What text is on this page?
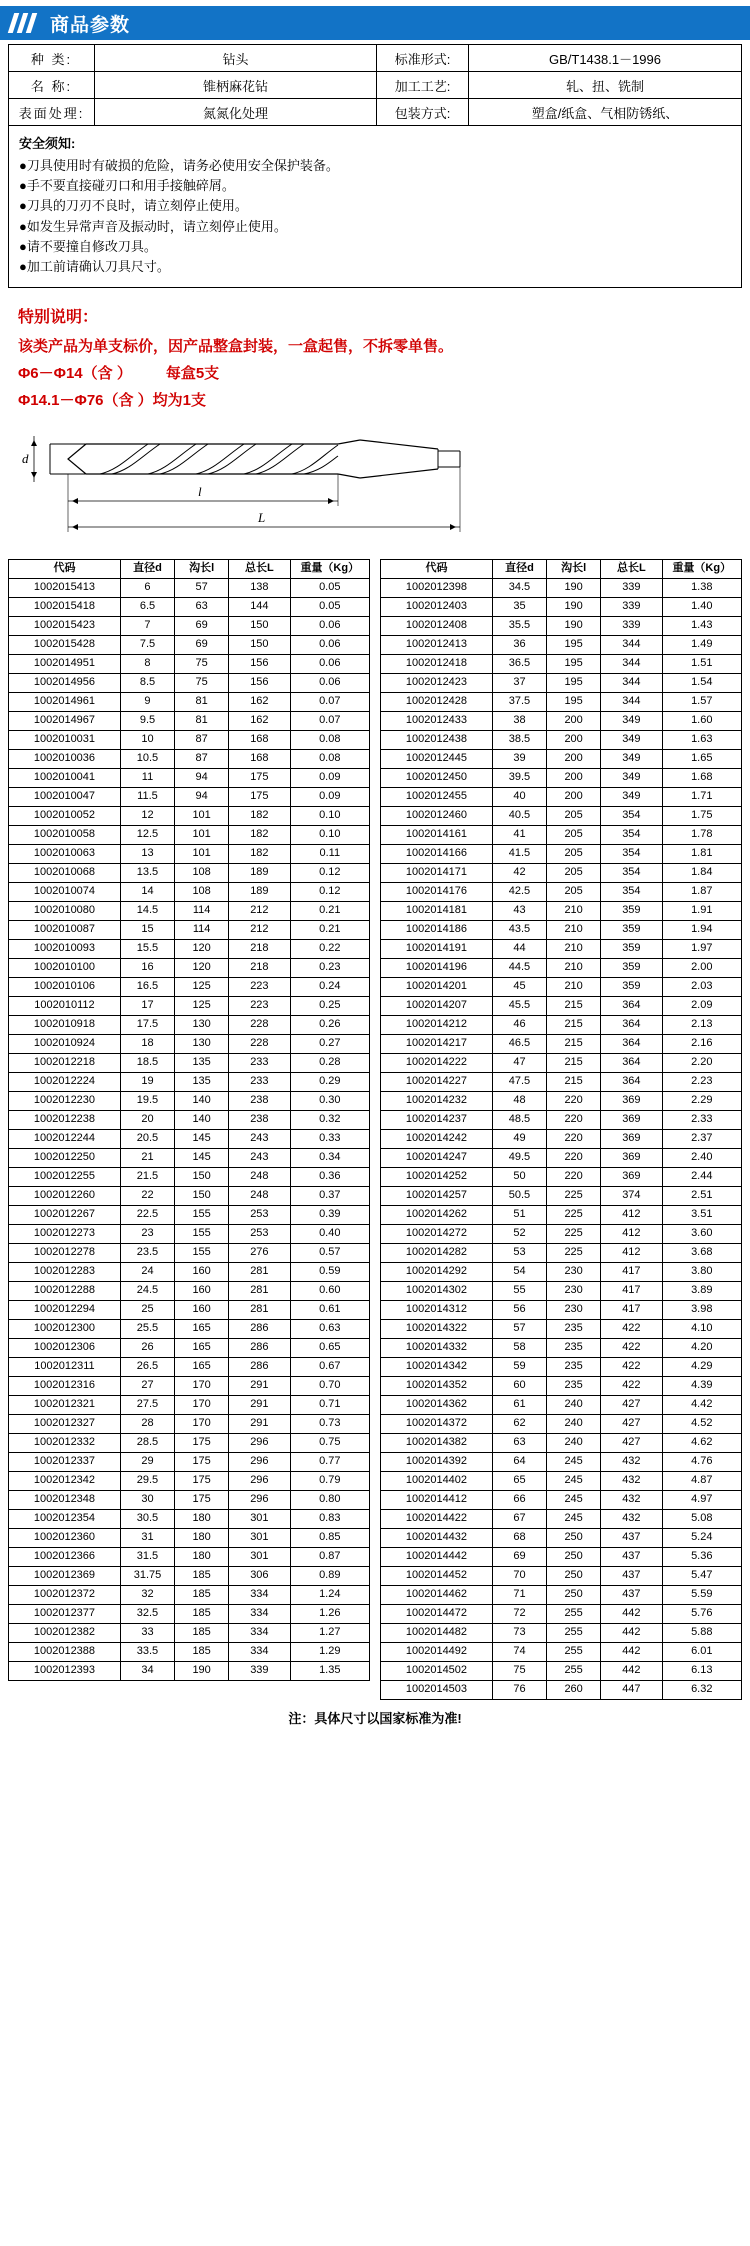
商品参数
种 类:	钻头	标准形式:	GB/T1438.1－1996
名 称:	锥柄麻花钻	加工工艺:	轧、扭、铣制
表面处理:	氮氮化处理	包装方式:	塑盒/纸盒、气相防锈纸、
安全须知:
●刀具使用时有破损的危险，请务必使用安全保护装备。
●手不要直接碰刃口和用手接触碎屑。
●刀具的刀刃不良时，请立刻停止使用。
●如发生异常声音及振动时，请立刻停止使用。
●请不要撞自修改刀具。
●加工前请确认刀具尺寸。
特别说明：
该类产品为单支标价，因产品整盒封装，一盒起售，不拆零单售。
Φ6－Φ14（含 ） 每盒5支
Φ14.1－Φ76（含 ）均为1支
d
l
L
代码	直径d	沟长l	总长L	重量（Kg）
1002015413	6	57	138	0.05
1002015418	6.5	63	144	0.05
1002015423	7	69	150	0.06
1002015428	7.5	69	150	0.06
1002014951	8	75	156	0.06
1002014956	8.5	75	156	0.06
1002014961	9	81	162	0.07
1002014967	9.5	81	162	0.07
1002010031	10	87	168	0.08
1002010036	10.5	87	168	0.08
1002010041	11	94	175	0.09
1002010047	11.5	94	175	0.09
1002010052	12	101	182	0.10
1002010058	12.5	101	182	0.10
1002010063	13	101	182	0.11
1002010068	13.5	108	189	0.12
1002010074	14	108	189	0.12
1002010080	14.5	114	212	0.21
1002010087	15	114	212	0.21
1002010093	15.5	120	218	0.22
1002010100	16	120	218	0.23
1002010106	16.5	125	223	0.24
1002010112	17	125	223	0.25
1002010918	17.5	130	228	0.26
1002010924	18	130	228	0.27
1002012218	18.5	135	233	0.28
1002012224	19	135	233	0.29
1002012230	19.5	140	238	0.30
1002012238	20	140	238	0.32
1002012244	20.5	145	243	0.33
1002012250	21	145	243	0.34
1002012255	21.5	150	248	0.36
1002012260	22	150	248	0.37
1002012267	22.5	155	253	0.39
1002012273	23	155	253	0.40
1002012278	23.5	155	276	0.57
1002012283	24	160	281	0.59
1002012288	24.5	160	281	0.60
1002012294	25	160	281	0.61
1002012300	25.5	165	286	0.63
1002012306	26	165	286	0.65
1002012311	26.5	165	286	0.67
1002012316	27	170	291	0.70
1002012321	27.5	170	291	0.71
1002012327	28	170	291	0.73
1002012332	28.5	175	296	0.75
1002012337	29	175	296	0.77
1002012342	29.5	175	296	0.79
1002012348	30	175	296	0.80
1002012354	30.5	180	301	0.83
1002012360	31	180	301	0.85
1002012366	31.5	180	301	0.87
1002012369	31.75	185	306	0.89
1002012372	32	185	334	1.24
1002012377	32.5	185	334	1.26
1002012382	33	185	334	1.27
1002012388	33.5	185	334	1.29
1002012393	34	190	339	1.35
代码	直径d	沟长l	总长L	重量（Kg）
1002012398	34.5	190	339	1.38
1002012403	35	190	339	1.40
1002012408	35.5	190	339	1.43
1002012413	36	195	344	1.49
1002012418	36.5	195	344	1.51
1002012423	37	195	344	1.54
1002012428	37.5	195	344	1.57
1002012433	38	200	349	1.60
1002012438	38.5	200	349	1.63
1002012445	39	200	349	1.65
1002012450	39.5	200	349	1.68
1002012455	40	200	349	1.71
1002012460	40.5	205	354	1.75
1002014161	41	205	354	1.78
1002014166	41.5	205	354	1.81
1002014171	42	205	354	1.84
1002014176	42.5	205	354	1.87
1002014181	43	210	359	1.91
1002014186	43.5	210	359	1.94
1002014191	44	210	359	1.97
1002014196	44.5	210	359	2.00
1002014201	45	210	359	2.03
1002014207	45.5	215	364	2.09
1002014212	46	215	364	2.13
1002014217	46.5	215	364	2.16
1002014222	47	215	364	2.20
1002014227	47.5	215	364	2.23
1002014232	48	220	369	2.29
1002014237	48.5	220	369	2.33
1002014242	49	220	369	2.37
1002014247	49.5	220	369	2.40
1002014252	50	220	369	2.44
1002014257	50.5	225	374	2.51
1002014262	51	225	412	3.51
1002014272	52	225	412	3.60
1002014282	53	225	412	3.68
1002014292	54	230	417	3.80
1002014302	55	230	417	3.89
1002014312	56	230	417	3.98
1002014322	57	235	422	4.10
1002014332	58	235	422	4.20
1002014342	59	235	422	4.29
1002014352	60	235	422	4.39
1002014362	61	240	427	4.42
1002014372	62	240	427	4.52
1002014382	63	240	427	4.62
1002014392	64	245	432	4.76
1002014402	65	245	432	4.87
1002014412	66	245	432	4.97
1002014422	67	245	432	5.08
1002014432	68	250	437	5.24
1002014442	69	250	437	5.36
1002014452	70	250	437	5.47
1002014462	71	250	437	5.59
1002014472	72	255	442	5.76
1002014482	73	255	442	5.88
1002014492	74	255	442	6.01
1002014502	75	255	442	6.13
1002014503	76	260	447	6.32
注：具体尺寸以国家标准为准!
